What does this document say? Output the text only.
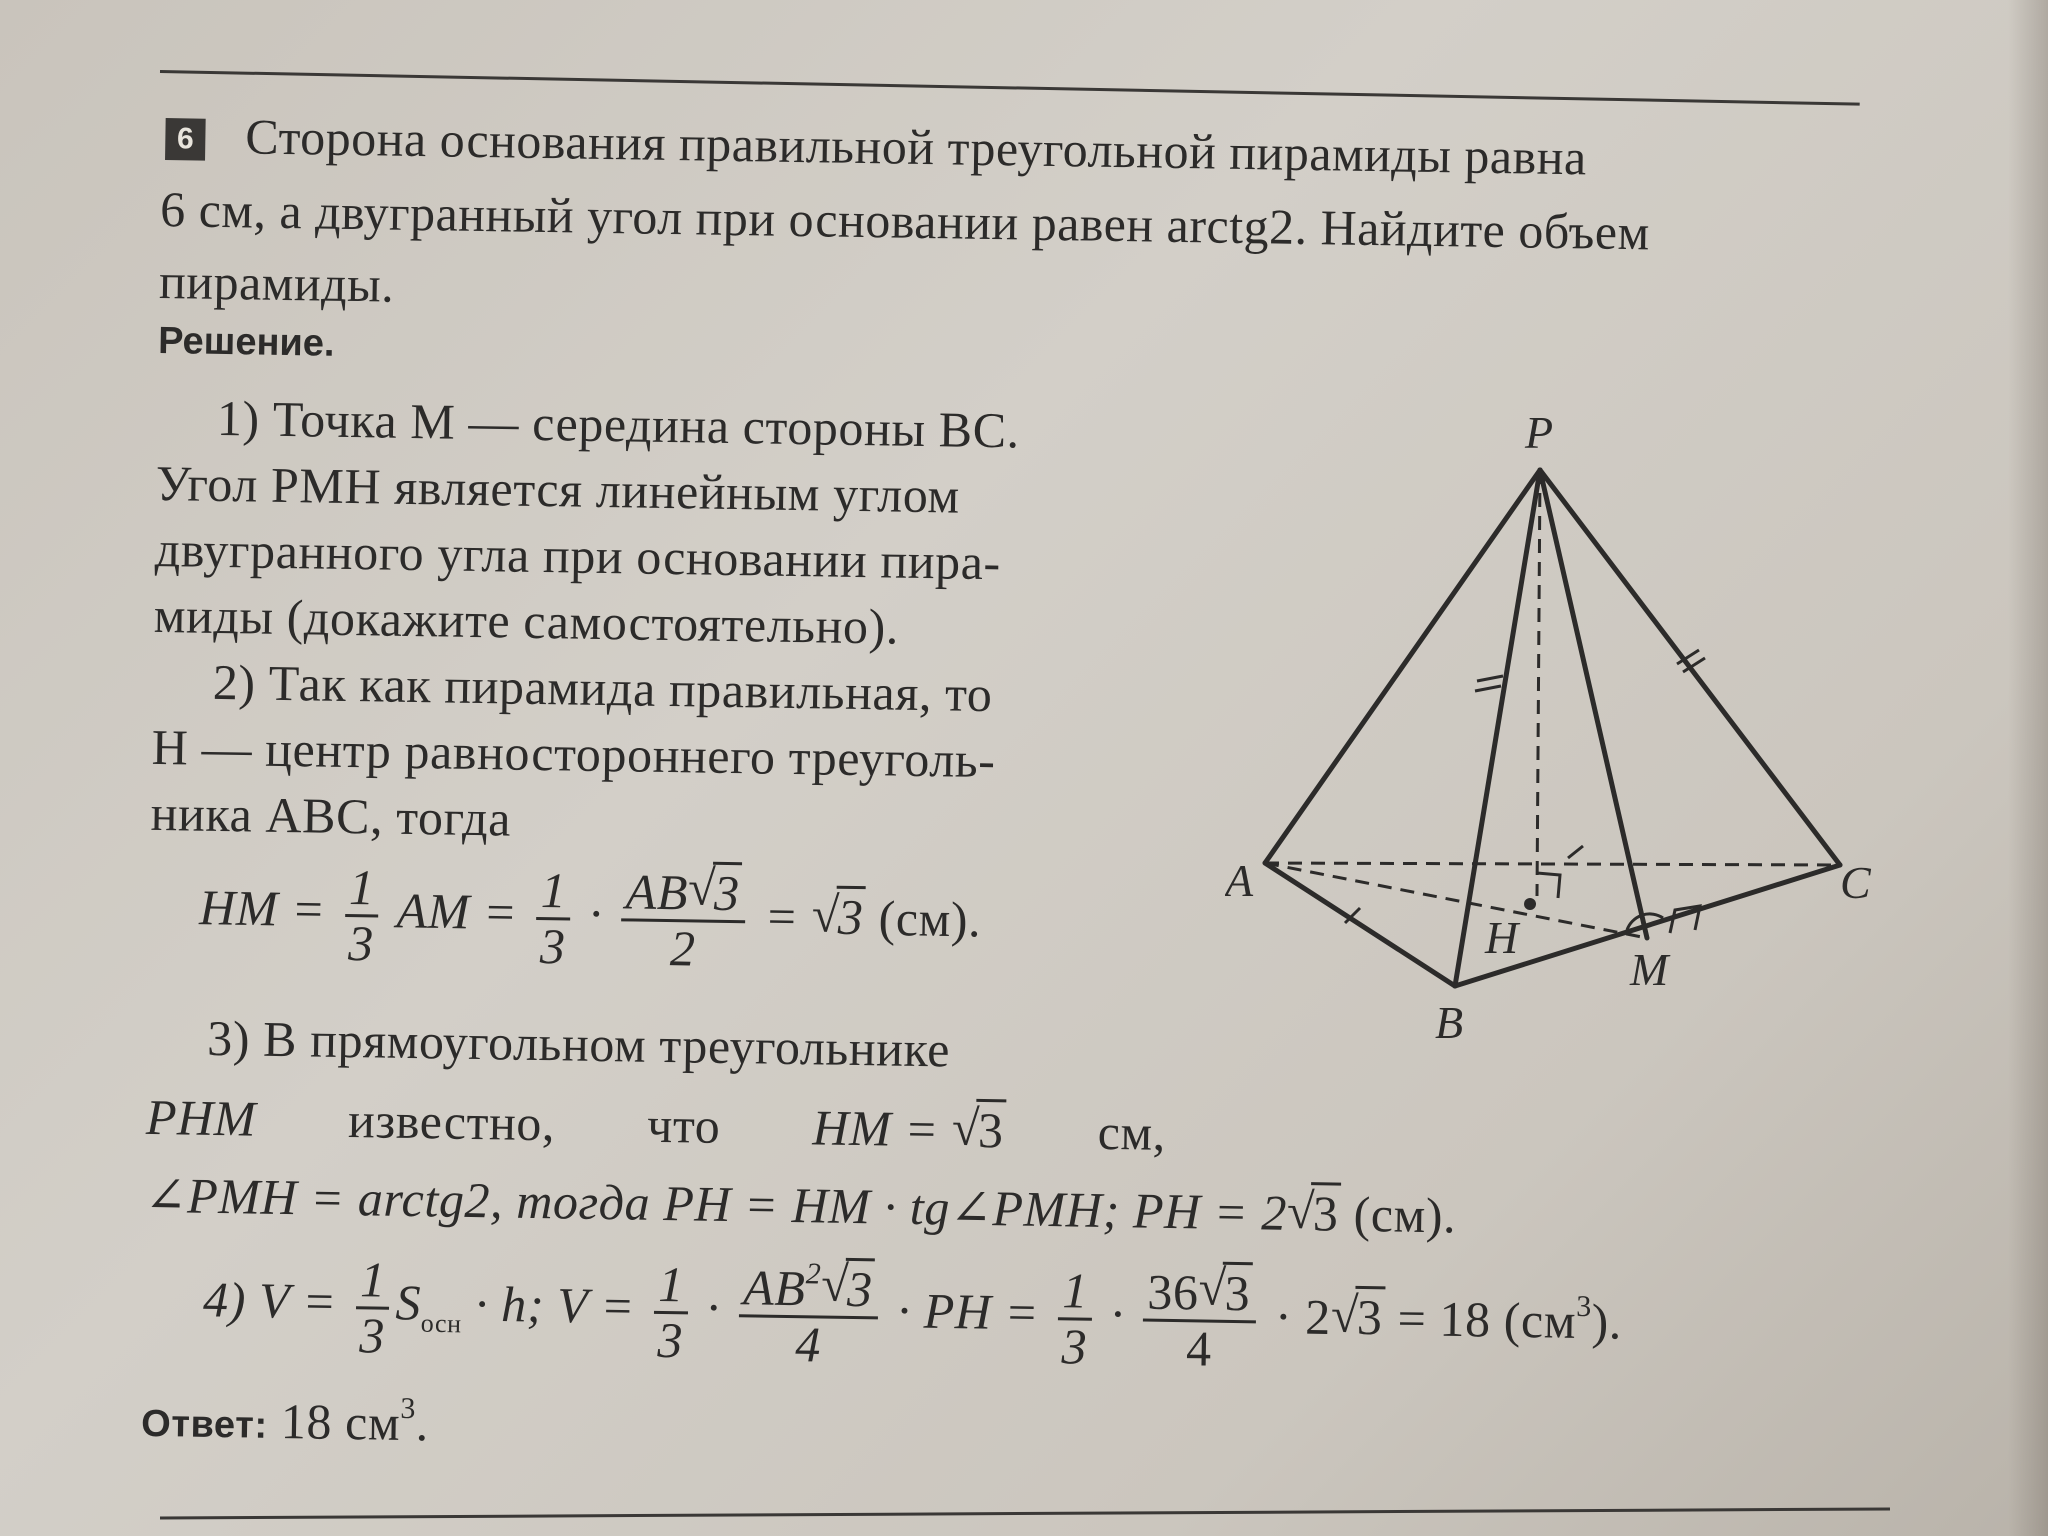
6 Сторона основания правильной треугольной пирамиды равна
6 см, а двугранный угол при основании равен arctg2. Найдите объем
пирамиды.
Решение.
1) Точка M — середина стороны BC.
Угол PMH является линейным углом
двугранного угла при основании пира-
миды (докажите самостоятельно).
2) Так как пирамида правильная, то
H — центр равностороннего треуголь-
ника ABC, тогда
HM = $\frac{1}{3}$ AM = $\frac{1}{3} \cdot \frac{AB√ 3}{2}$ = √ 3 (см).
3) В прямоугольном треугольнике
PHM известно, что HM = √ 3 см,
∠PMH = arctg2, тогда PH = HM · tg∠PMH; PH = 2√ 3 (см).
4) $V = \frac{1}{3} S_{осн} \cdot h$; $V = \frac{1}{3} \cdot \frac{AB^2√ 3}{4}$ · PH = $\frac{1}{3} \cdot \frac{36√ 3}{4} \cdot 2√$ 3 = 18 $(см^3)$.
Ответ: 18 $см^3$.
P
A
B
C
H
M
